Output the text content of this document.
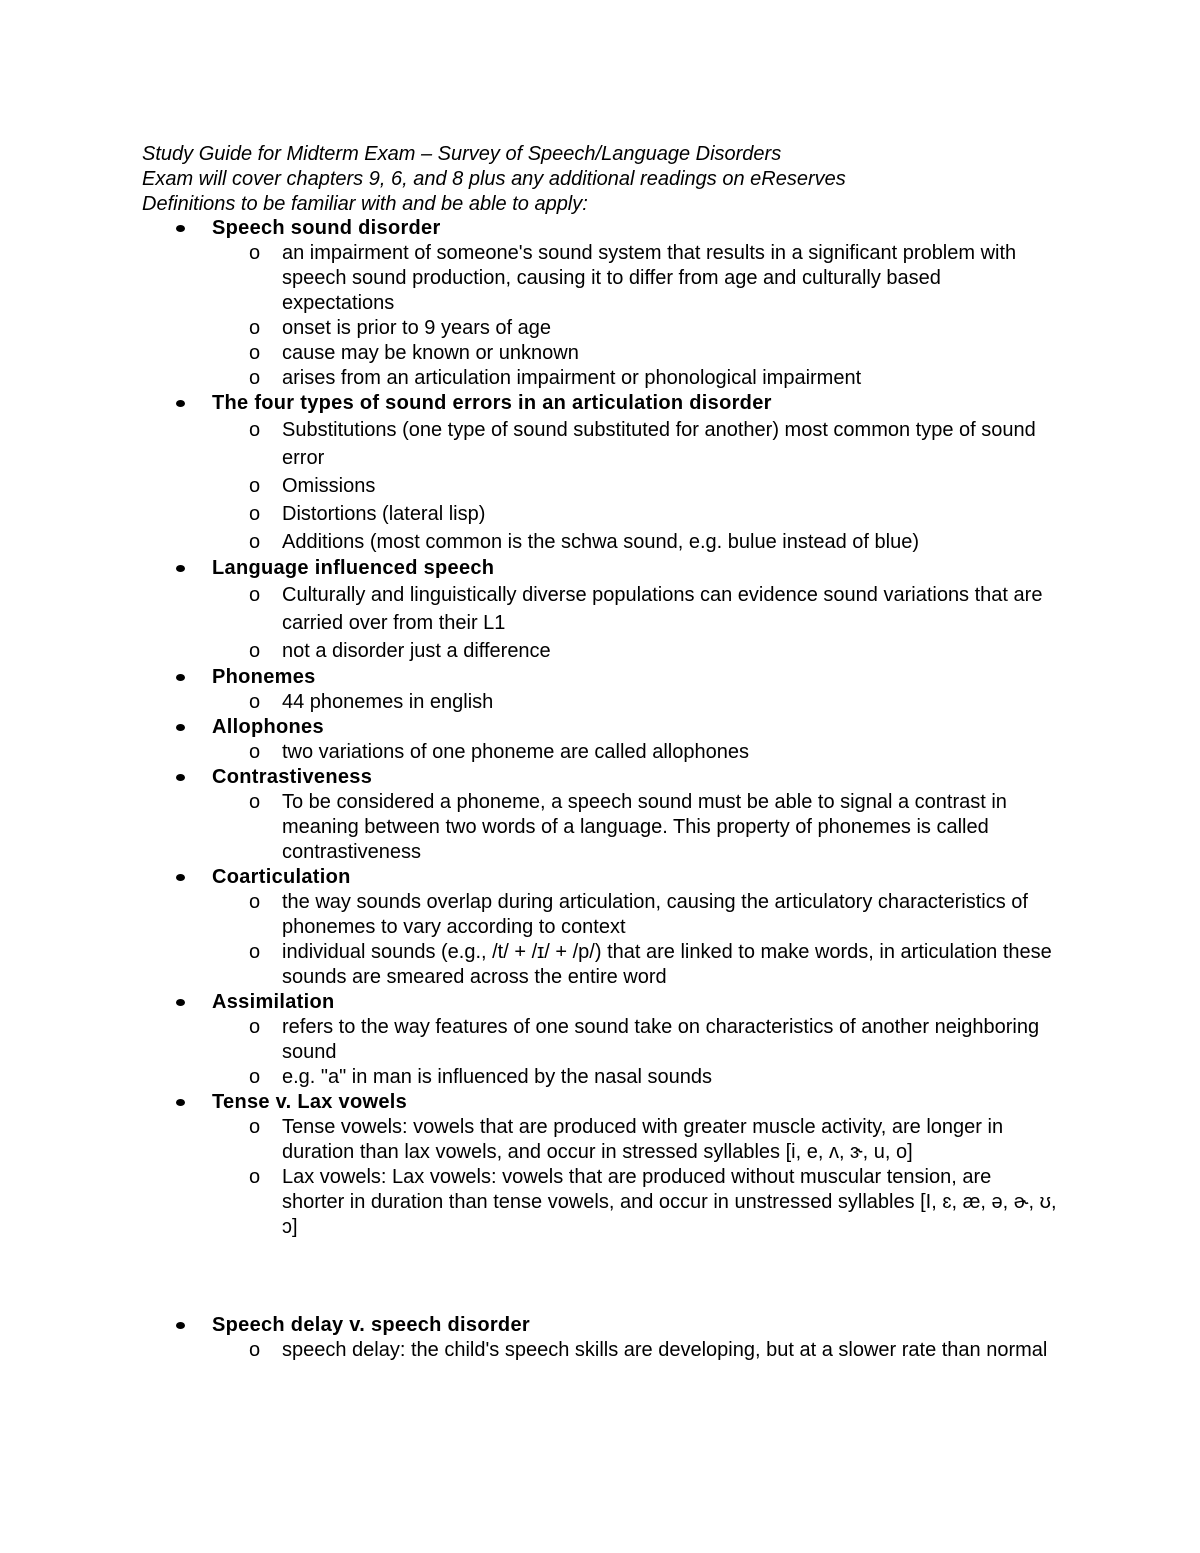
Study Guide for Midterm Exam – Survey of Speech/Language Disorders

Exam will cover chapters 9, 6, and 8 plus any additional readings on eReserves

Definitions to be familiar with and be able to apply:

Speech sound disorder
o an impairment of someone's sound system that results in a significant problem with speech sound production, causing it to differ from age and culturally based expectations
o onset is prior to 9 years of age
o cause may be known or unknown
o arises from an articulation impairment or phonological impairment
The four types of sound errors in an articulation disorder
o Substitutions (one type of sound substituted for another) most common type of sound error
o Omissions
o Distortions (lateral lisp)
o Additions (most common is the schwa sound, e.g. bulue instead of blue)
Language influenced speech
o Culturally and linguistically diverse populations can evidence sound variations that are carried over from their L1
o not a disorder just a difference
Phonemes
o 44 phonemes in english
Allophones
o two variations of one phoneme are called allophones
Contrastiveness
o To be considered a phoneme, a speech sound must be able to signal a contrast in meaning between two words of a language. This property of phonemes is called contrastiveness
Coarticulation
o the way sounds overlap during articulation, causing the articulatory characteristics of phonemes to vary according to context
o individual sounds (e.g., /t/ + /ɪ/ + /p/) that are linked to make words, in articulation these sounds are smeared across the entire word
Assimilation
o refers to the way features of one sound take on characteristics of another neighboring sound
o e.g. "a" in man is influenced by the nasal sounds
Tense v. Lax vowels
o Tense vowels: vowels that are produced with greater muscle activity, are longer in duration than lax vowels, and occur in stressed syllables [i, e, ʌ, ɝ, u, o]
o Lax vowels: Lax vowels: vowels that are produced without muscular tension, are shorter in duration than tense vowels, and occur in unstressed syllables [I, ɛ, æ, ə, ɚ, ʊ, ɔ]
Speech delay v. speech disorder
o speech delay: the child's speech skills are developing, but at a slower rate than normal
